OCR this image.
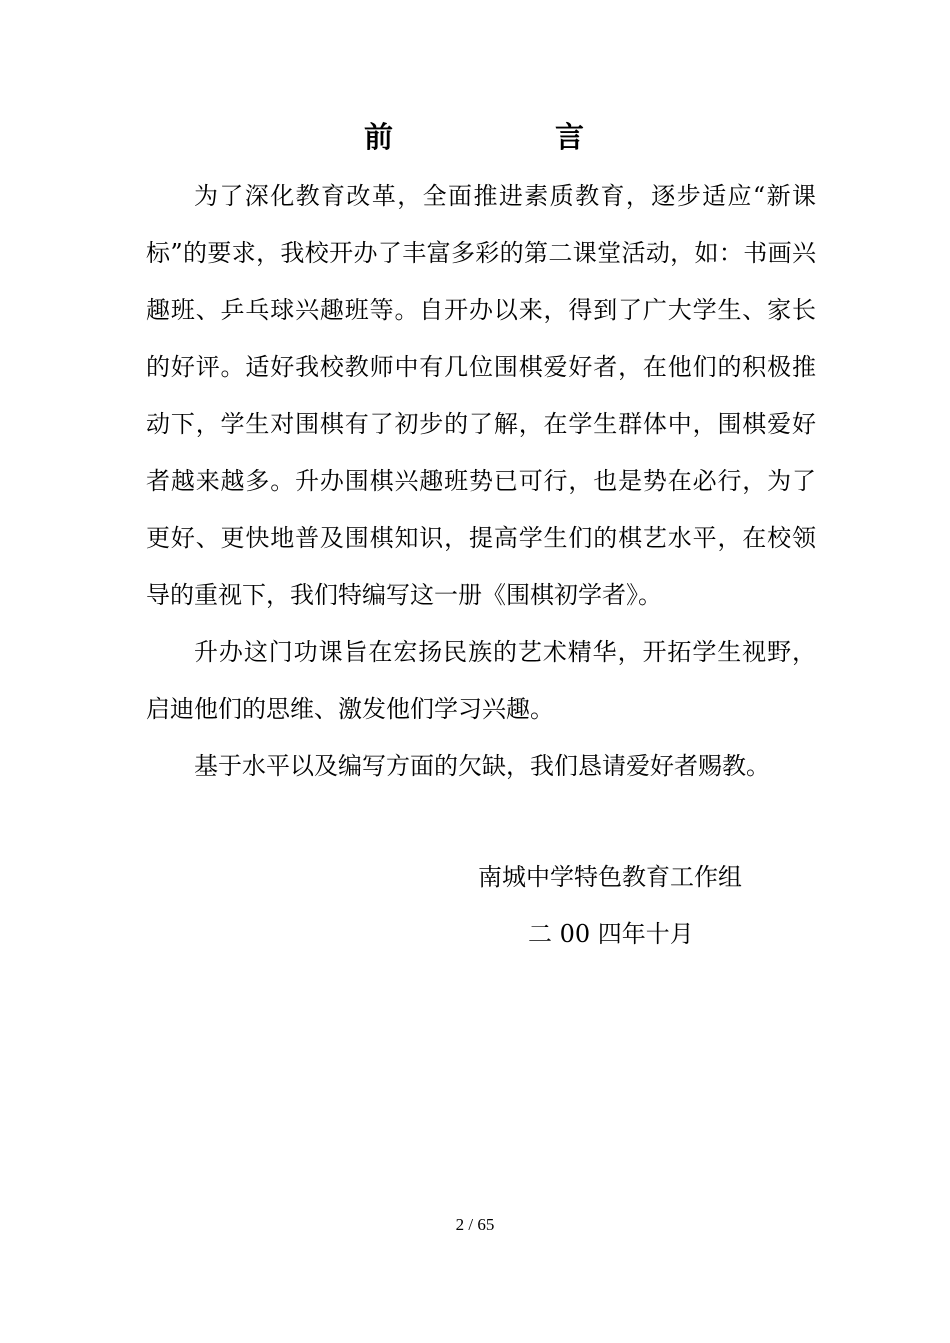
前	言

为了深化教育改革，全面推进素质教育，逐步适应“新课标”的要求，我校开办了丰富多彩的第二课堂活动，如：书画兴趣班、乒乓球兴趣班等。自开办以来，得到了广大学生、家长的好评。适好我校教师中有几位围棋爱好者，在他们的积极推动下，学生对围棋有了初步的了解，在学生群体中，围棋爱好者越来越多。升办围棋兴趣班势已可行，也是势在必行，为了更好、更快地普及围棋知识，提高学生们的棋艺水平，在校领导的重视下，我们特编写这一册《围棋初学者》。

升办这门功课旨在宏扬民族的艺术精华，开拓学生视野，启迪他们的思维、激发他们学习兴趣。

基于水平以及编写方面的欠缺，我们恳请爱好者赐教。

南城中学特色教育工作组
二 00 四年十月
2 / 65
